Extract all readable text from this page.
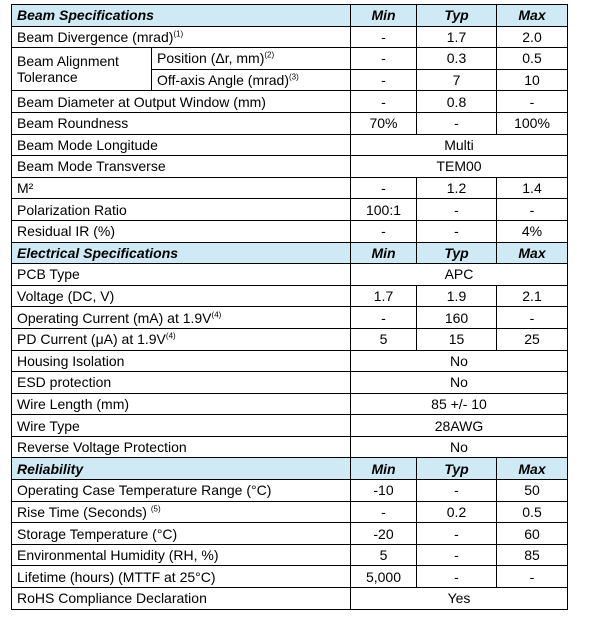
Beam Specifications		Min	Typ	Max
Beam Divergence (mrad)$^{(1)}$		-	1.7	2.0
Beam Alignment
Tolerance	Position (Δr, mm)$^{(2)}$	-	0.3	0.5
	Off-axis Angle (mrad)$^{(3)}$	-	7	10
Beam Diameter at Output Window (mm)		-	0.8	-
Beam Roundness		70%	-	100%
Beam Mode Longitude		Multi		
Beam Mode Transverse		TEM00		
M²		-	1.2	1.4
Polarization Ratio		100:1	-	-
Residual IR (%)		-	-	4%
Electrical Specifications		Min	Typ	Max
PCB Type		APC		
Voltage (DC, V)		1.7	1.9	2.1
Operating Current (mA) at $1.9V^{(4)}$		-	160	-
PD Current (μA) at $1.9V^{(4)}$		5	15	25
Housing Isolation		No		
ESD protection		No		
Wire Length (mm)		85 +/- 10		
Wire Type		28AWG		
Reverse Voltage Protection		No		
Reliability		Min	Typ	Max
Operating Case Temperature Range (°C)		-10	-	50
Rise Time (Seconds) $^{(5)}$		-	0.2	0.5
Storage Temperature (°C)		-20	-	60
Environmental Humidity (RH, %)		5	-	85
Lifetime (hours) (MTTF at 25°C)		5,000	-	-
RoHS Compliance Declaration		Yes		
